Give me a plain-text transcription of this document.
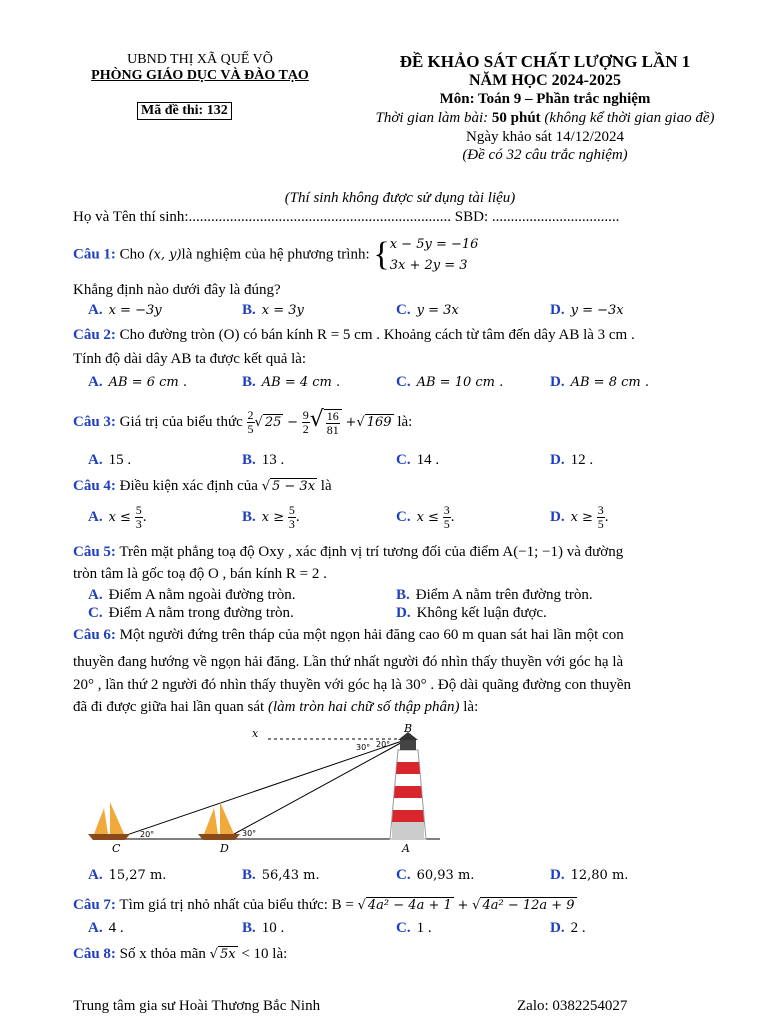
UBND THỊ XÃ QUẾ VÕ
PHÒNG GIÁO DỤC VÀ ĐÀO TẠO
Mã đề thi: 132
ĐỀ KHẢO SÁT CHẤT LƯỢNG LẦN 1
NĂM HỌC 2024-2025
Môn: Toán 9 – Phần trắc nghiệm
Thời gian làm bài: 50 phút (không kể thời gian giao đề)
Ngày khảo sát 14/12/2024
(Đề có 32 câu trắc nghiệm)
(Thí sinh không được sử dụng tài liệu)
Họ và Tên thí sinh:...................................................................... SBD: ..................................
Câu 1: Cho (x, y)là nghiệm của hệ phương trình: { x − 5y = −16
3x + 2y = 3
Khẳng định nào dưới đây là đúng?
A. x = −3y	B. x = 3y	C. y = 3x	D. y = −3x
Câu 2: Cho đường tròn (O) có bán kính R = 5 cm . Khoảng cách từ tâm đến dây AB là 3 cm .
Tính độ dài dây AB ta được kết quả là:
A. AB = 6 cm .	B. AB = 4 cm .	C. AB = 10 cm .	D. AB = 8 cm .
Câu 3: Giá trị của biểu thức $\frac{2}{5}$ √ $25 - \frac{9}{2}$ √ $\frac{16}{81}$ +√ 169 là:
A. 15 .	B. 13 .	C. 14 .	D. 12 .
Câu 4: Điều kiện xác định của √ 5 − 3x là
A. $x \le \frac{5}{3}$ .	B. $x \ge \frac{5}{3}$ .	C. $x \le \frac{3}{5}$ .	D. $x \ge \frac{3}{5}$ .
Câu 5: Trên mặt phẳng toạ độ Oxy , xác định vị trí tương đối của điểm A(−1; −1) và đường
tròn tâm là gốc toạ độ O , bán kính R = 2 .
A. Điểm A nằm ngoài đường tròn.	B. Điểm A nằm trên đường tròn.
C. Điểm A nằm trong đường tròn.	D. Không kết luận được.
Câu 6: Một người đứng trên tháp của một ngọn hải đăng cao 60 m quan sát hai lần một con
thuyền đang hướng về ngọn hải đăng. Lần thứ nhất người đó nhìn thấy thuyền với góc hạ là
20° , lần thứ 2 người đó nhìn thấy thuyền với góc hạ là 30° . Độ dài quãng đường con thuyền
đã đi được giữa hai lần quan sát (làm tròn hai chữ số thập phân) là:
x	B
A
C	D
20°	30°
30° 20°
A. 15,27 m.	B. 56,43 m.	C. 60,93 m.	D. 12,80 m.
Câu 7: Tìm giá trị nhỏ nhất của biểu thức: B = √ 4a² − 4a + 1 + √ 4a² − 12a + 9
A. 4 .	B. 10 .	C. 1 .	D. 2 .
Câu 8: Số x thỏa mãn √ 5x < 10 là:
Trung tâm gia sư Hoài Thương Bắc Ninh	Zalo: 0382254027
